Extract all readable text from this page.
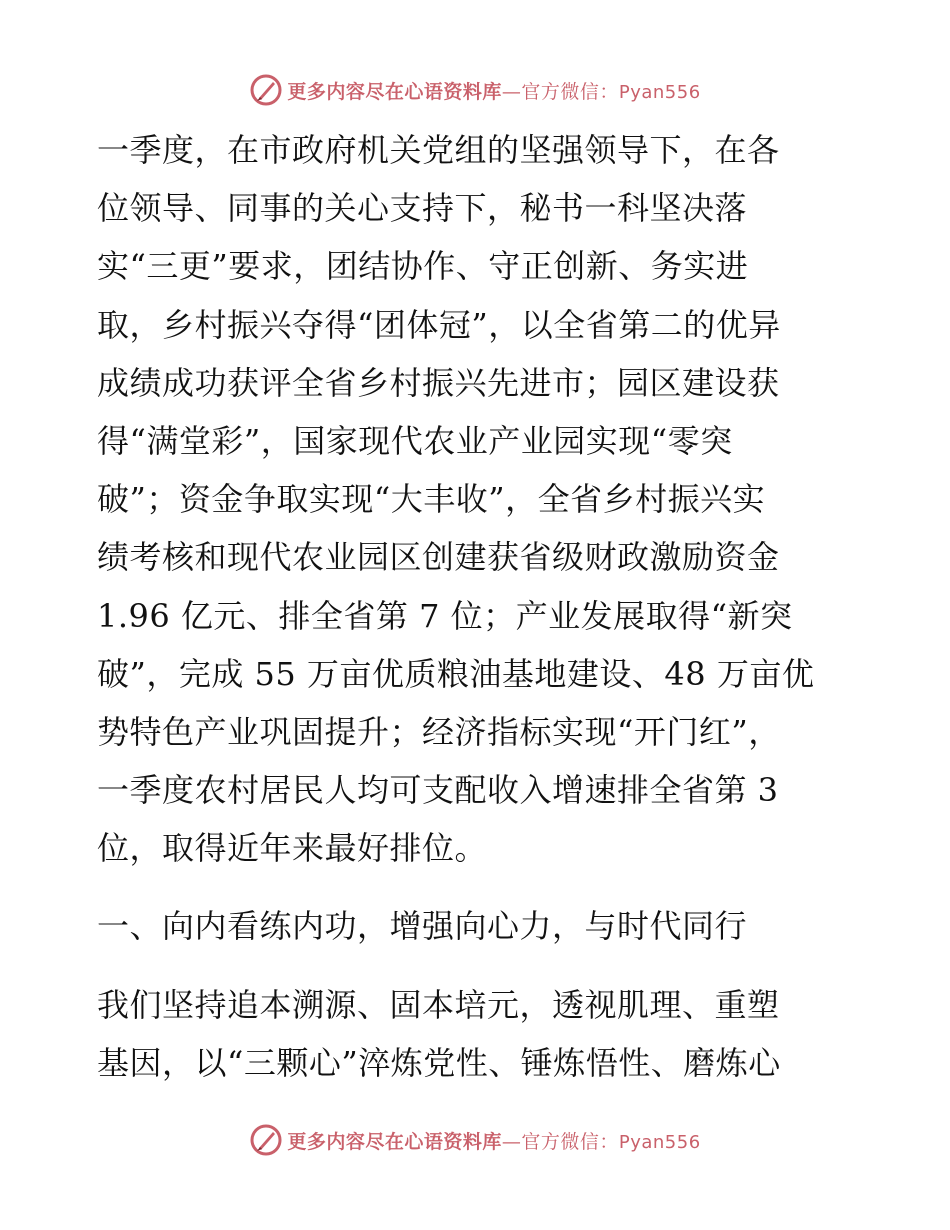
更多内容尽在心语资料库—官方微信：Pyan556
一季度，在市政府机关党组的坚强领导下，在各
位领导、同事的关心支持下，秘书一科坚决落
实“三更”要求，团结协作、守正创新、务实进
取，乡村振兴夺得“团体冠”，以全省第二的优异
成绩成功获评全省乡村振兴先进市；园区建设获
得“满堂彩”，国家现代农业产业园实现“零突
破”；资金争取实现“大丰收”，全省乡村振兴实
绩考核和现代农业园区创建获省级财政激励资金
1.96 亿元、排全省第 7 位；产业发展取得“新突
破”，完成 55 万亩优质粮油基地建设、48 万亩优
势特色产业巩固提升；经济指标实现“开门红”，
一季度农村居民人均可支配收入增速排全省第 3
位，取得近年来最好排位。
一、向内看练内功，增强向心力，与时代同行
我们坚持追本溯源、固本培元，透视肌理、重塑
基因，以“三颗心”淬炼党性、锤炼悟性、磨炼心
更多内容尽在心语资料库—官方微信：Pyan556
